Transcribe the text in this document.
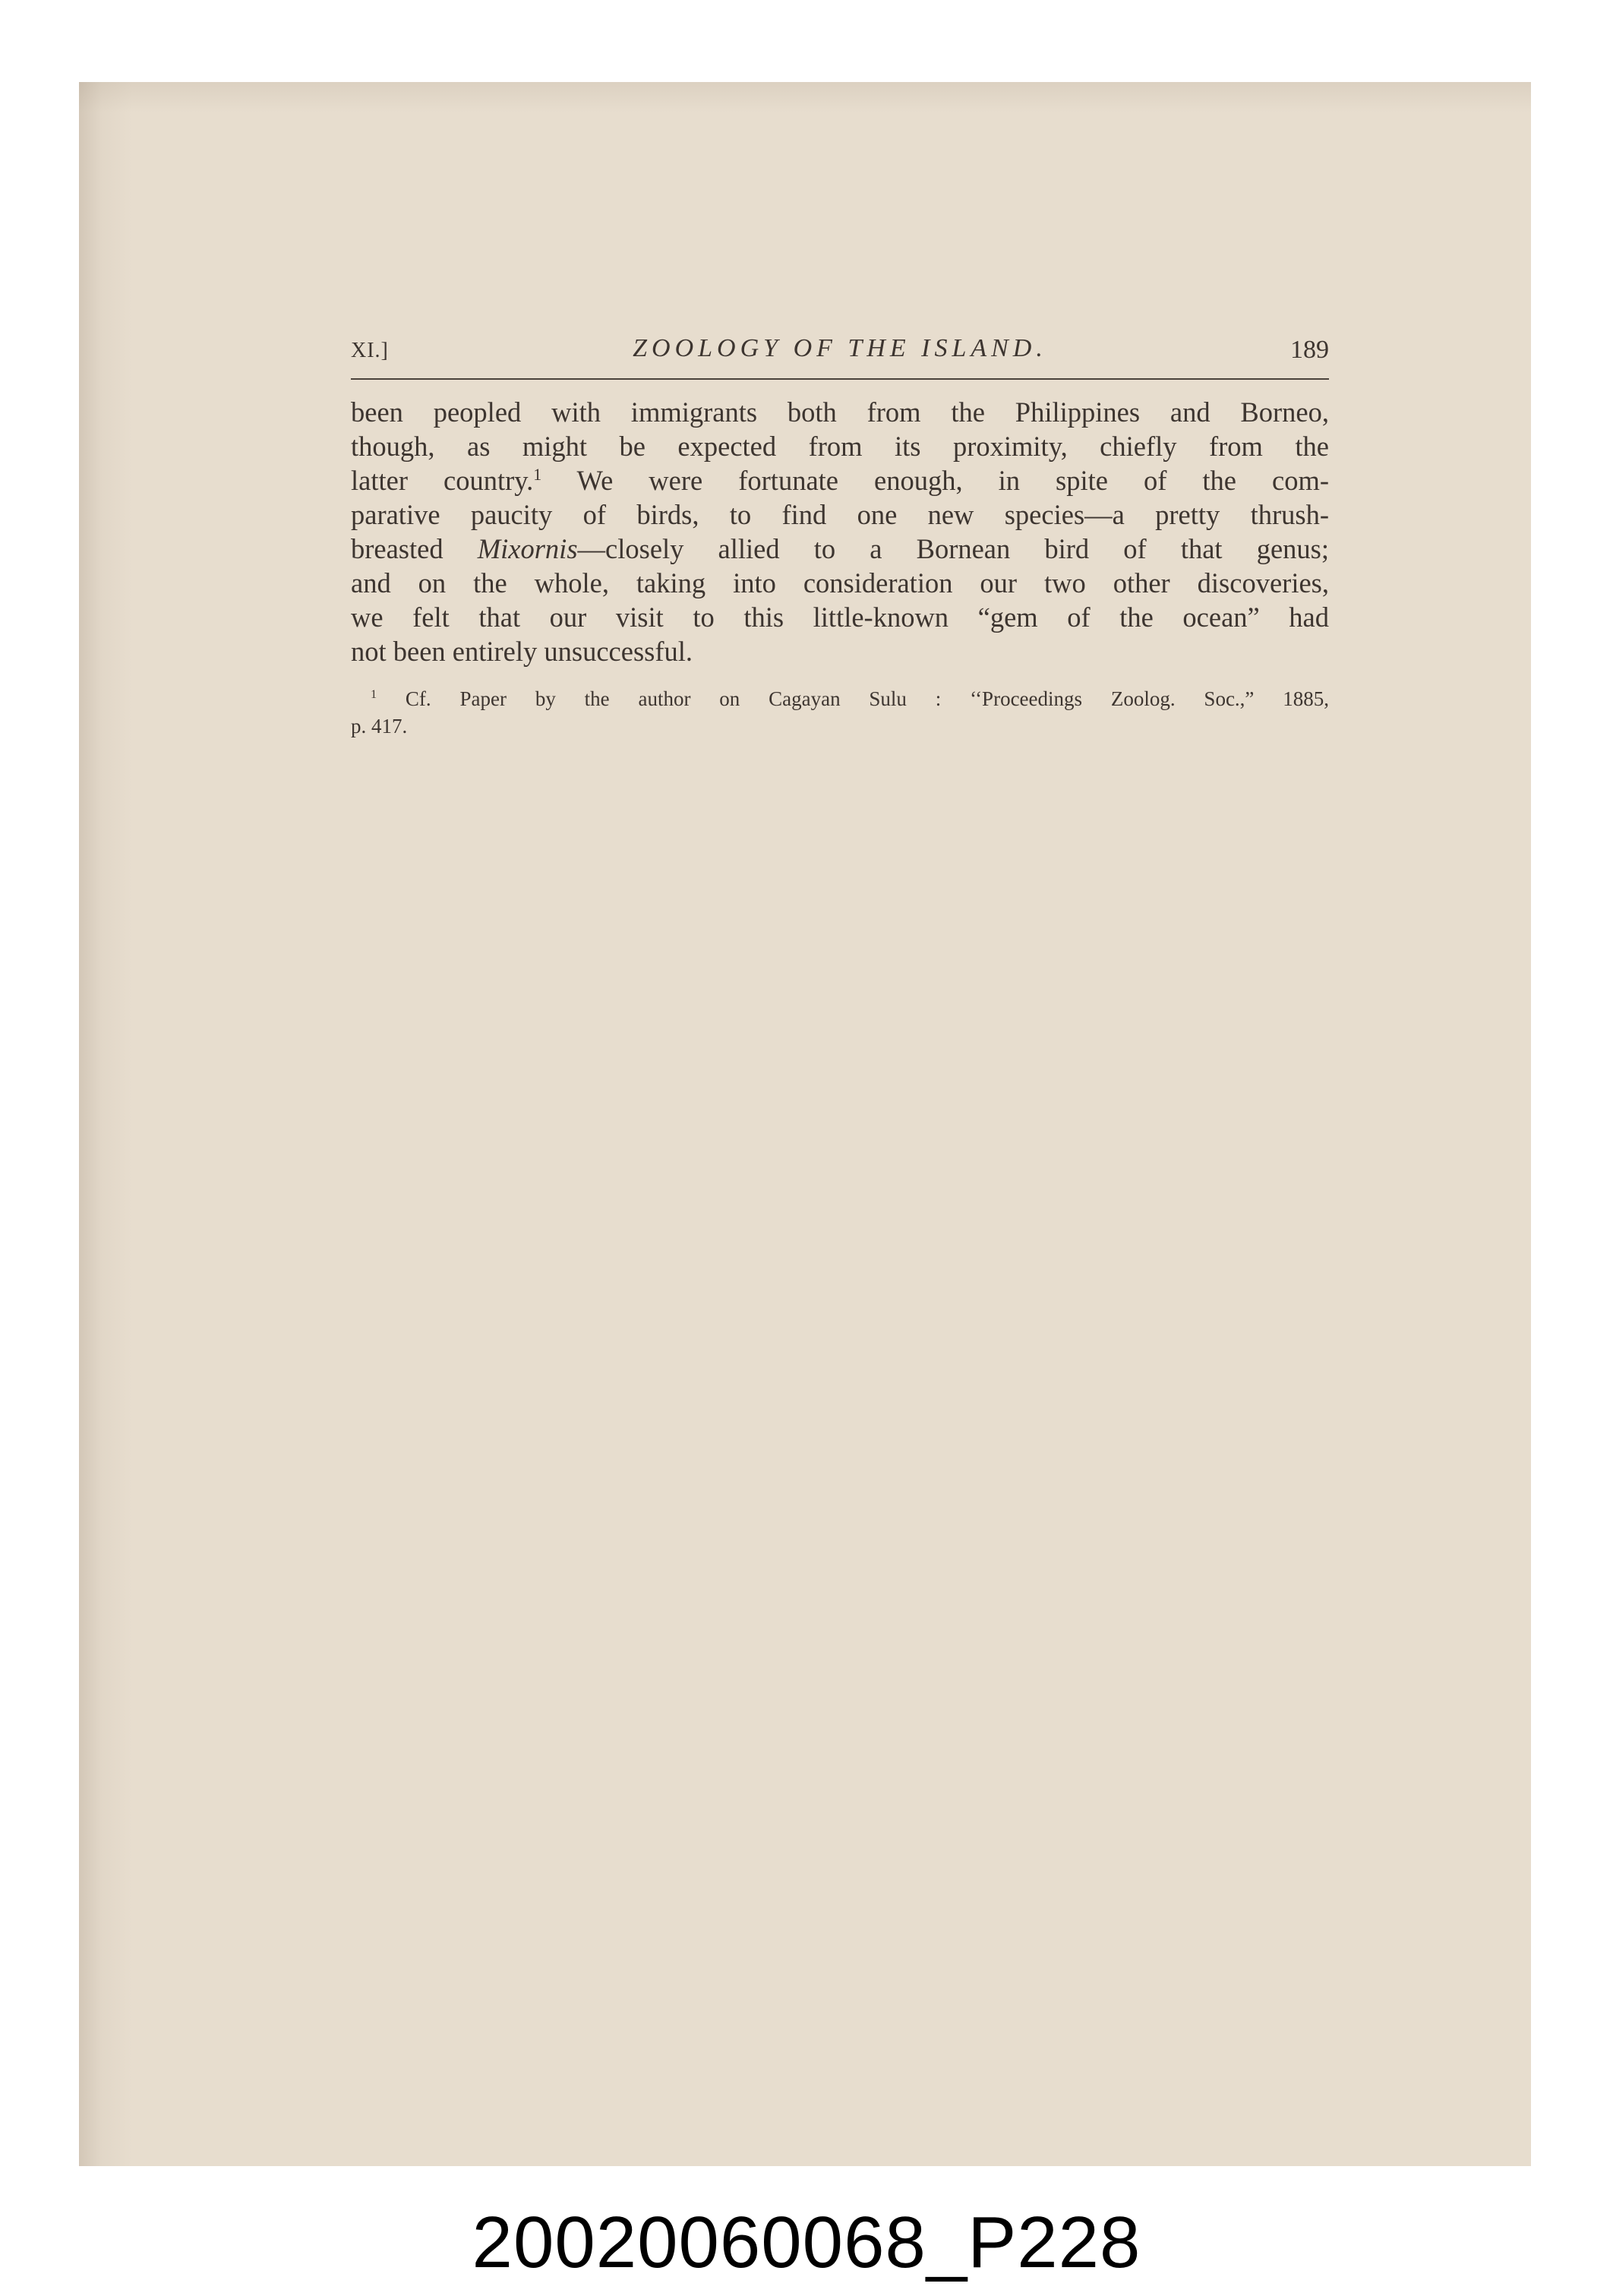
XI.]	ZOOLOGY OF THE ISLAND.	189
been peopled with immigrants both from the Philippines and Borneo,
though, as might be expected from its proximity, chiefly from the
latter country.$^1$ We were fortunate enough, in spite of the com-
parative paucity of birds, to find one new species—a pretty thrush-
breasted Mixornis—closely allied to a Bornean bird of that genus;
and on the whole, taking into consideration our two other discoveries,
we felt that our visit to this little-known “gem of the ocean” had
not been entirely unsuccessful.
$^1$ Cf. Paper by the author on Cagayan Sulu : ‘‘Proceedings Zoolog. Soc.,” 1885,
p. 417.
20020060068_P228
